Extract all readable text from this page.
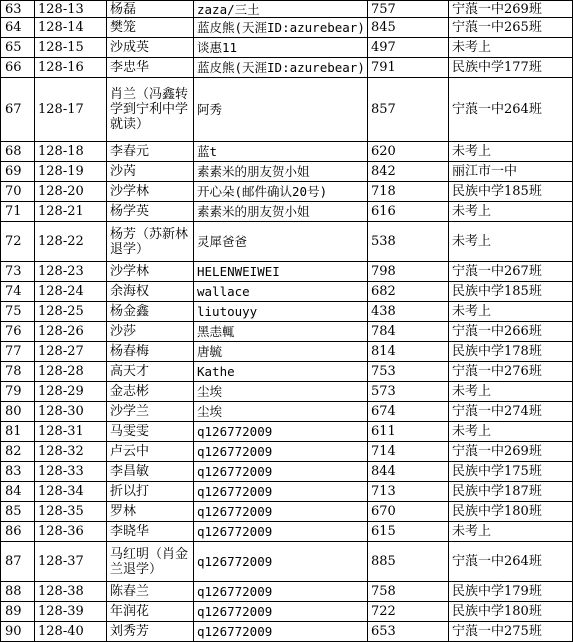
63	128-13	杨磊	zaza/三土	757	宁蒗一中269班
64	128-14	樊笼	蓝皮熊(天涯ID:azurebear)	845	宁蒗一中265班
65	128-15	沙成英	谈惠11	497	未考上
66	128-16	李忠华	蓝皮熊(天涯ID:azurebear)	791	民族中学177班
67	128-17	肖兰（冯鑫转学到宁利中学就读）	阿秀	857	宁蒗一中264班
68	128-18	李春元	蓝t	620	未考上
69	128-19	沙芮	素素米的朋友贺小姐	842	丽江市一中
70	128-20	沙学林	开心朵(邮件确认20号)	718	民族中学185班
71	128-21	杨学英	素素米的朋友贺小姐	616	未考上
72	128-22	杨芳（苏新林退学）	灵犀爸爸	538	未考上
73	128-23	沙学林	HELENWEIWEI	798	宁蒗一中267班
74	128-24	余海权	wallace	682	民族中学185班
75	128-25	杨金鑫	liutouyy	438	未考上
76	128-26	沙莎	黑恚輒	784	宁蒗一中266班
77	128-27	杨春梅	唐毓	814	民族中学178班
78	128-28	高天才	Kathe	753	宁蒗一中276班
79	128-29	金志彬	尘埃	573	未考上
80	128-30	沙学兰	尘埃	674	宁蒗一中274班
81	128-31	马雯雯	q126772009	611	未考上
82	128-32	卢云中	q126772009	714	宁蒗一中269班
83	128-33	李昌敏	q126772009	844	民族中学175班
84	128-34	折以打	q126772009	713	民族中学187班
85	128-35	罗林	q126772009	670	民族中学180班
86	128-36	李晓华	q126772009	615	未考上
87	128-37	马红明（肖金兰退学）	q126772009	885	宁蒗一中264班
88	128-38	陈春兰	q126772009	758	民族中学179班
89	128-39	年润花	q126772009	722	民族中学180班
90	128-40	刘秀芳	q126772009	653	宁蒗一中275班
